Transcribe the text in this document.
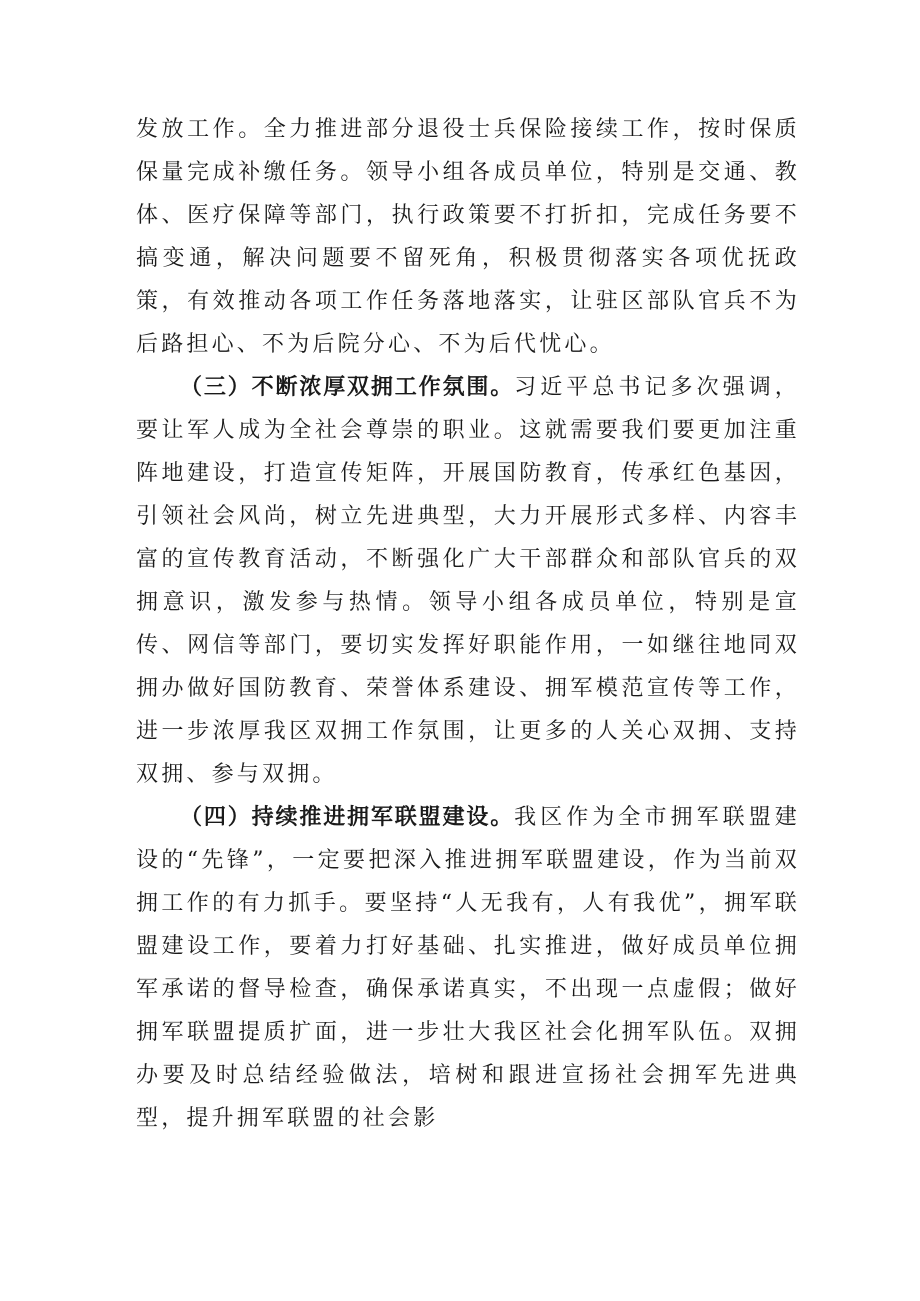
发放工作。全力推进部分退役士兵保险接续工作，按时保质保量完成补缴任务。领导小组各成员单位，特别是交通、教体、医疗保障等部门，执行政策要不打折扣，完成任务要不搞变通，解决问题要不留死角，积极贯彻落实各项优抚政策，有效推动各项工作任务落地落实，让驻区部队官兵不为后路担心、不为后院分心、不为后代忧心。

（三）不断浓厚双拥工作氛围。习近平总书记多次强调，要让军人成为全社会尊崇的职业。这就需要我们要更加注重阵地建设，打造宣传矩阵，开展国防教育，传承红色基因，引领社会风尚，树立先进典型，大力开展形式多样、内容丰富的宣传教育活动，不断强化广大干部群众和部队官兵的双拥意识，激发参与热情。领导小组各成员单位，特别是宣传、网信等部门，要切实发挥好职能作用，一如继往地同双拥办做好国防教育、荣誉体系建设、拥军模范宣传等工作，进一步浓厚我区双拥工作氛围，让更多的人关心双拥、支持双拥、参与双拥。

（四）持续推进拥军联盟建设。我区作为全市拥军联盟建设的“先锋”，一定要把深入推进拥军联盟建设，作为当前双拥工作的有力抓手。要坚持“人无我有，人有我优”，拥军联盟建设工作，要着力打好基础、扎实推进，做好成员单位拥军承诺的督导检查，确保承诺真实，不出现一点虚假；做好拥军联盟提质扩面，进一步壮大我区社会化拥军队伍。双拥办要及时总结经验做法，培树和跟进宣扬社会拥军先进典型，提升拥军联盟的社会影
